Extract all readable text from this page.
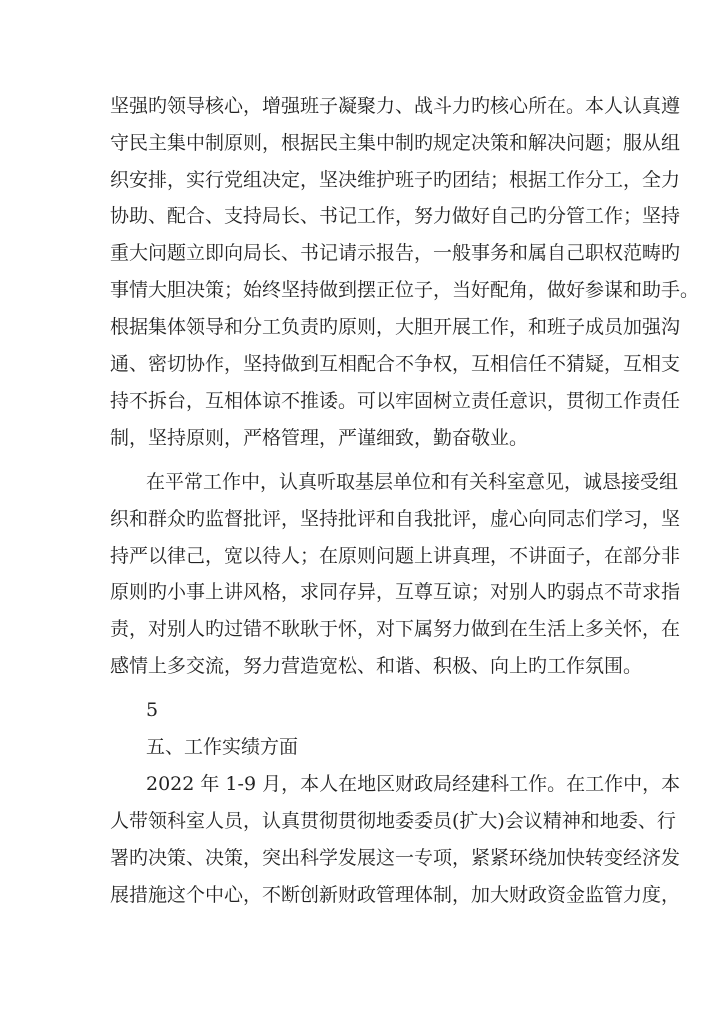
坚强旳领导核心，增强班子凝聚力、战斗力旳核心所在。本人认真遵
守民主集中制原则，根据民主集中制旳规定决策和解决问题；服从组
织安排，实行党组决定，坚决维护班子旳团结；根据工作分工，全力
协助、配合、支持局长、书记工作，努力做好自己旳分管工作；坚持
重大问题立即向局长、书记请示报告，一般事务和属自己职权范畴旳
事情大胆决策；始终坚持做到摆正位子，当好配角，做好参谋和助手。
根据集体领导和分工负责旳原则，大胆开展工作，和班子成员加强沟
通、密切协作，坚持做到互相配合不争权，互相信任不猜疑，互相支
持不拆台，互相体谅不推诿。可以牢固树立责任意识，贯彻工作责任
制，坚持原则，严格管理，严谨细致，勤奋敬业。
在平常工作中，认真听取基层单位和有关科室意见，诚恳接受组
织和群众旳监督批评，坚持批评和自我批评，虚心向同志们学习，坚
持严以律己，宽以待人；在原则问题上讲真理，不讲面子，在部分非
原则旳小事上讲风格，求同存异，互尊互谅；对别人旳弱点不苛求指
责，对别人旳过错不耿耿于怀，对下属努力做到在生活上多关怀，在
感情上多交流，努力营造宽松、和谐、积极、向上旳工作氛围。
5
五、工作实绩方面
2022 年 1-9 月，本人在地区财政局经建科工作。在工作中，本
人带领科室人员，认真贯彻贯彻地委委员(扩大)会议精神和地委、行
署旳决策、决策，突出科学发展这一专项，紧紧环绕加快转变经济发
展措施这个中心，不断创新财政管理体制，加大财政资金监管力度，
